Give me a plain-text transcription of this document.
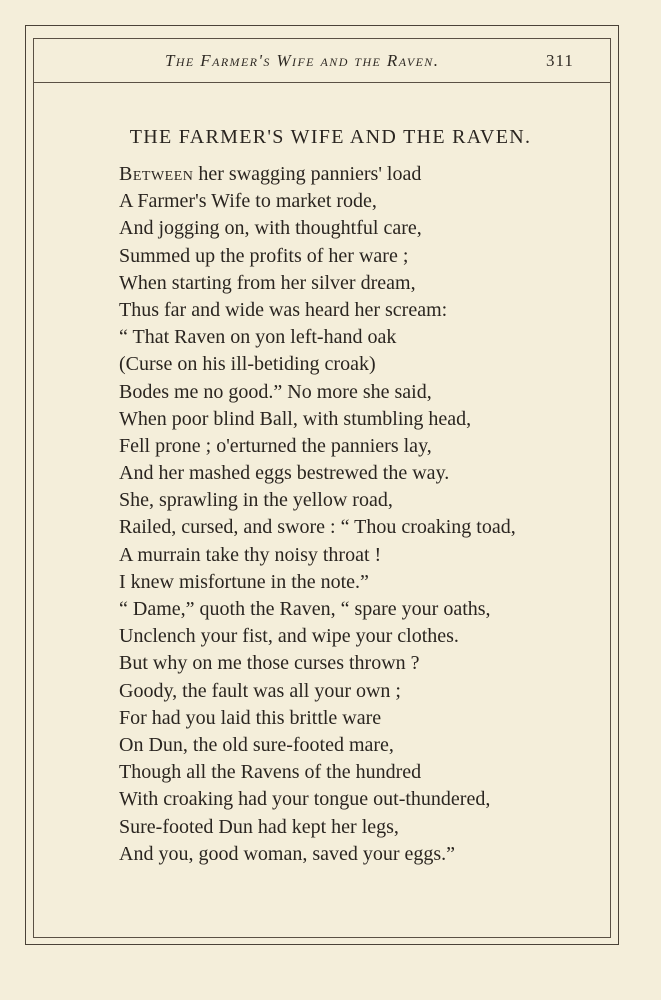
The Farmer's Wife and the Raven.	311
THE FARMER'S WIFE AND THE RAVEN.
Between her swagging panniers' load
A Farmer's Wife to market rode,
And jogging on, with thoughtful care,
Summed up the profits of her ware ;
When starting from her silver dream,
Thus far and wide was heard her scream:
“ That Raven on yon left-hand oak
(Curse on his ill-betiding croak)
Bodes me no good.” No more she said,
When poor blind Ball, with stumbling head,
Fell prone ; o'erturned the panniers lay,
And her mashed eggs bestrewed the way.
She, sprawling in the yellow road,
Railed, cursed, and swore : “ Thou croaking toad,
A murrain take thy noisy throat !
I knew misfortune in the note.”
“ Dame,” quoth the Raven, “ spare your oaths,
Unclench your fist, and wipe your clothes.
But why on me those curses thrown ?
Goody, the fault was all your own ;
For had you laid this brittle ware
On Dun, the old sure-footed mare,
Though all the Ravens of the hundred
With croaking had your tongue out-thundered,
Sure-footed Dun had kept her legs,
And you, good woman, saved your eggs.”
